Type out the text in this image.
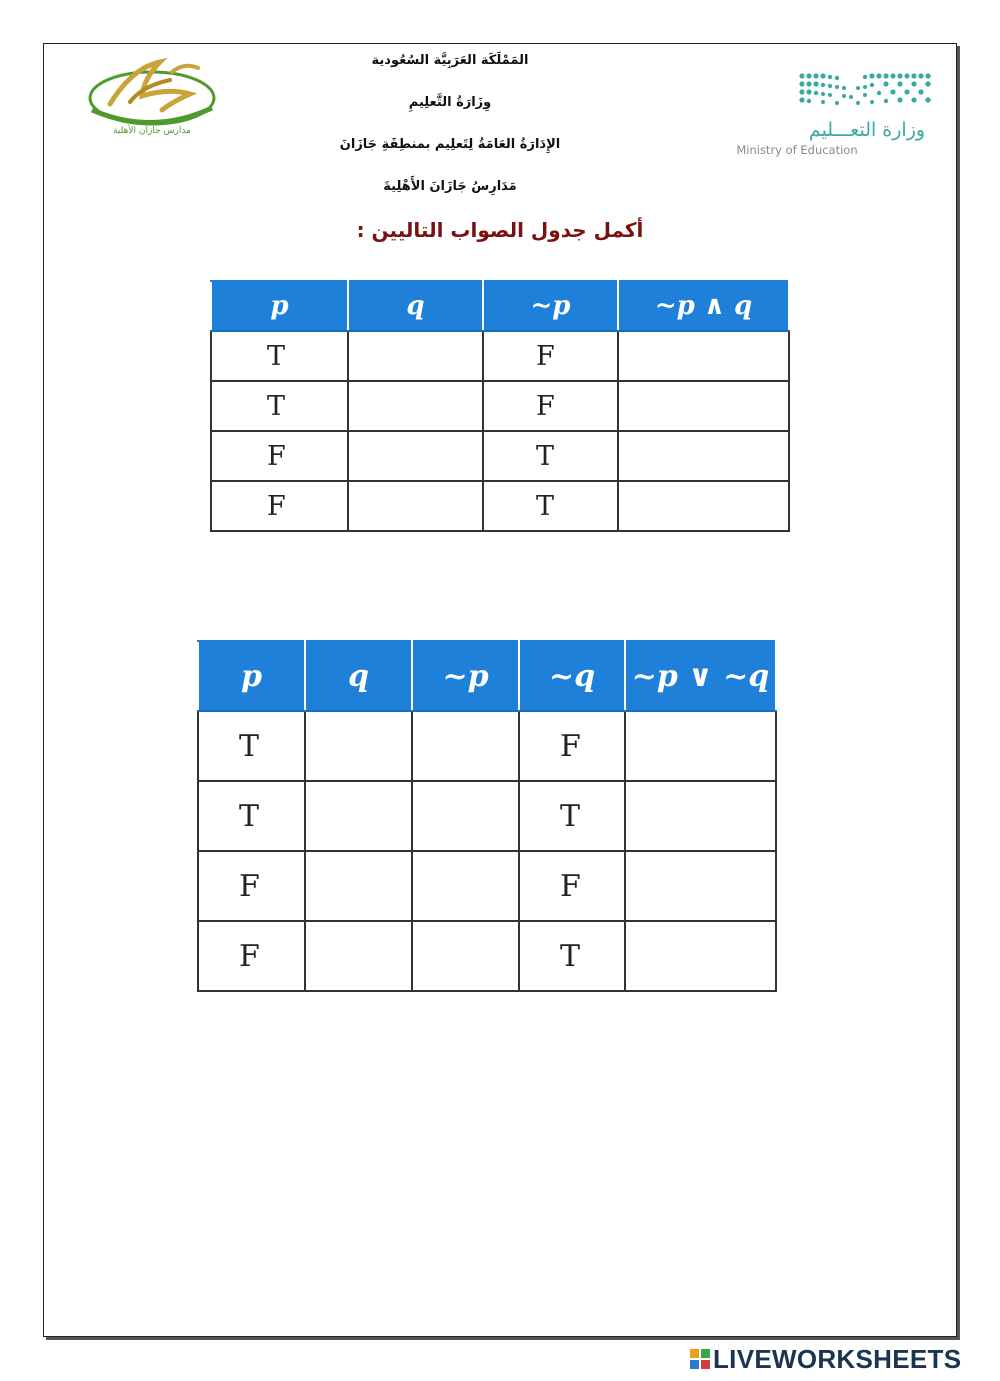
المَمْلَكَة العَرَبِيَّة السُعُودية
وِزَارَةُ التَّعلِيمِ
الإِدَارَةُ العَامَةُ لِتَعلِيم بمنطِقَةِ جَازَانَ
مَدَارِسُ جَازَانَ الأَهْلِيةَ
وزارة التعـــليم
Ministry of Education
مدارس جازان الأهلية
أكمل جدول الصواب التاليين :
p	q	~p	~p ∧ q
T		F	
T		F	
F		T	
F		T	
p	q	~p	~q	~p ∨ ~q
T			F	
T			T	
F			F	
F			T	
LIVEWORKSHEETS
